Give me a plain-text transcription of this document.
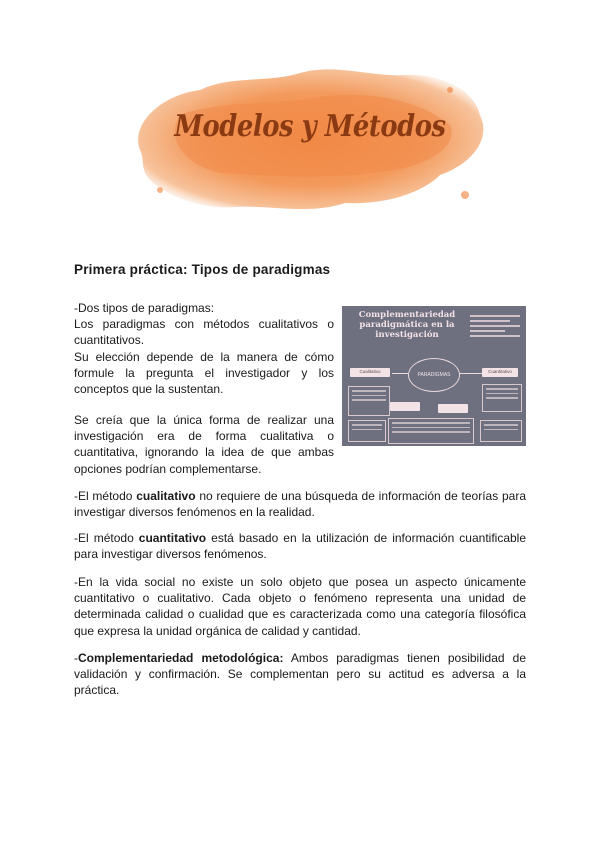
Modelos y Métodos
Primera práctica: Tipos de paradigmas

-Dos tipos de paradigmas:
Los paradigmas con métodos cualitativos o cuantitativos.
Su elección depende de la manera de cómo formule la pregunta el investigador y los conceptos que la sustentan.

Se creía que la única forma de realizar una investigación era de forma cualitativa o cuantitativa, ignorando la idea de que ambas opciones podrían complementarse.

Complementariedad paradigmática en la investigación
PARADIGMAS
Cualitativo	Cuantitativo

-El método cualitativo no requiere de una búsqueda de información de teorías para investigar diversos fenómenos en la realidad.

-El método cuantitativo está basado en la utilización de información cuantificable para investigar diversos fenómenos.

-En la vida social no existe un solo objeto que posea un aspecto únicamente cuantitativo o cualitativo. Cada objeto o fenómeno representa una unidad de determinada calidad o cualidad que es caracterizada como una categoría filosófica que expresa la unidad orgánica de calidad y cantidad.

-Complementariedad metodológica: Ambos paradigmas tienen posibilidad de validación y confirmación. Se complementan pero su actitud es adversa a la práctica.
